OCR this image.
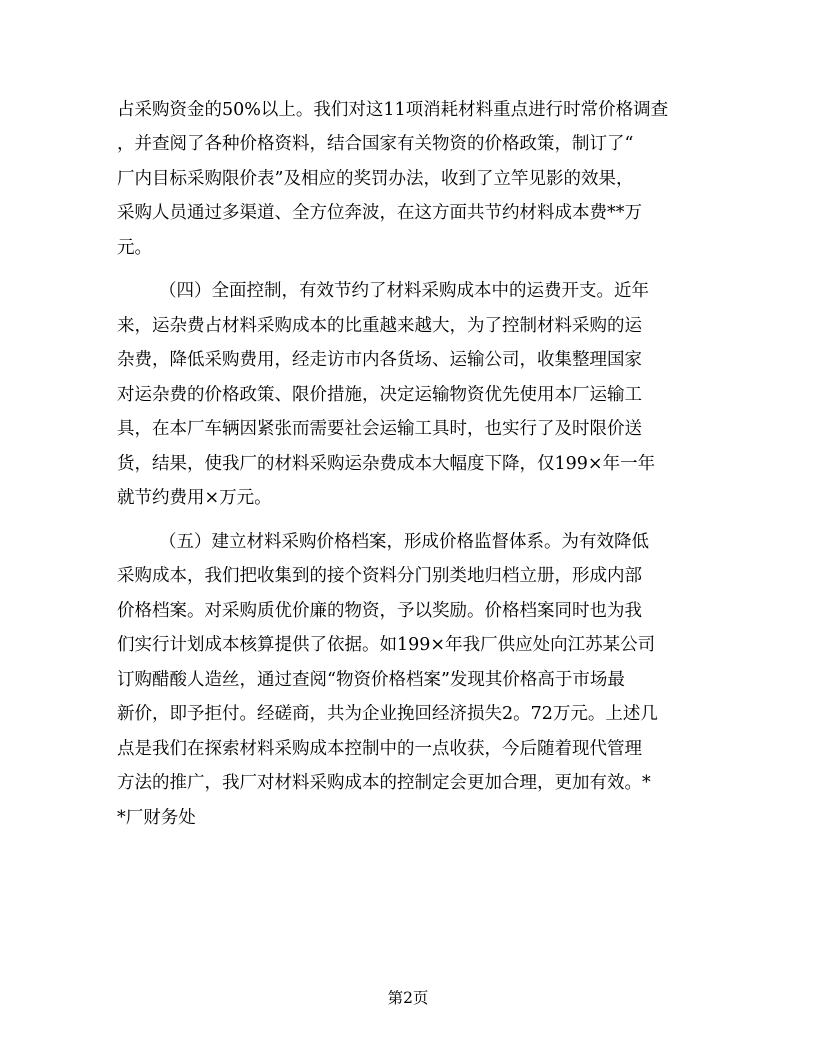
占采购资金的50%以上。我们对这11项消耗材料重点进行时常价格调查
，并查阅了各种价格资料，结合国家有关物资的价格政策，制订了“
厂内目标采购限价表”及相应的奖罚办法，收到了立竿见影的效果，
采购人员通过多渠道、全方位奔波，在这方面共节约材料成本费**万
元。
（四）全面控制，有效节约了材料采购成本中的运费开支。近年
来，运杂费占材料采购成本的比重越来越大，为了控制材料采购的运
杂费，降低采购费用，经走访市内各货场、运输公司，收集整理国家
对运杂费的价格政策、限价措施，决定运输物资优先使用本厂运输工
具，在本厂车辆因紧张而需要社会运输工具时，也实行了及时限价送
货，结果，使我厂的材料采购运杂费成本大幅度下降，仅199×年一年
就节约费用×万元。
（五）建立材料采购价格档案，形成价格监督体系。为有效降低
采购成本，我们把收集到的接个资料分门别类地归档立册，形成内部
价格档案。对采购质优价廉的物资，予以奖励。价格档案同时也为我
们实行计划成本核算提供了依据。如199×年我厂供应处向江苏某公司
订购醋酸人造丝，通过查阅“物资价格档案”发现其价格高于市场最
新价，即予拒付。经磋商，共为企业挽回经济损失2。72万元。上述几
点是我们在探索材料采购成本控制中的一点收获，今后随着现代管理
方法的推广，我厂对材料采购成本的控制定会更加合理，更加有效。*
*厂财务处
第2页
